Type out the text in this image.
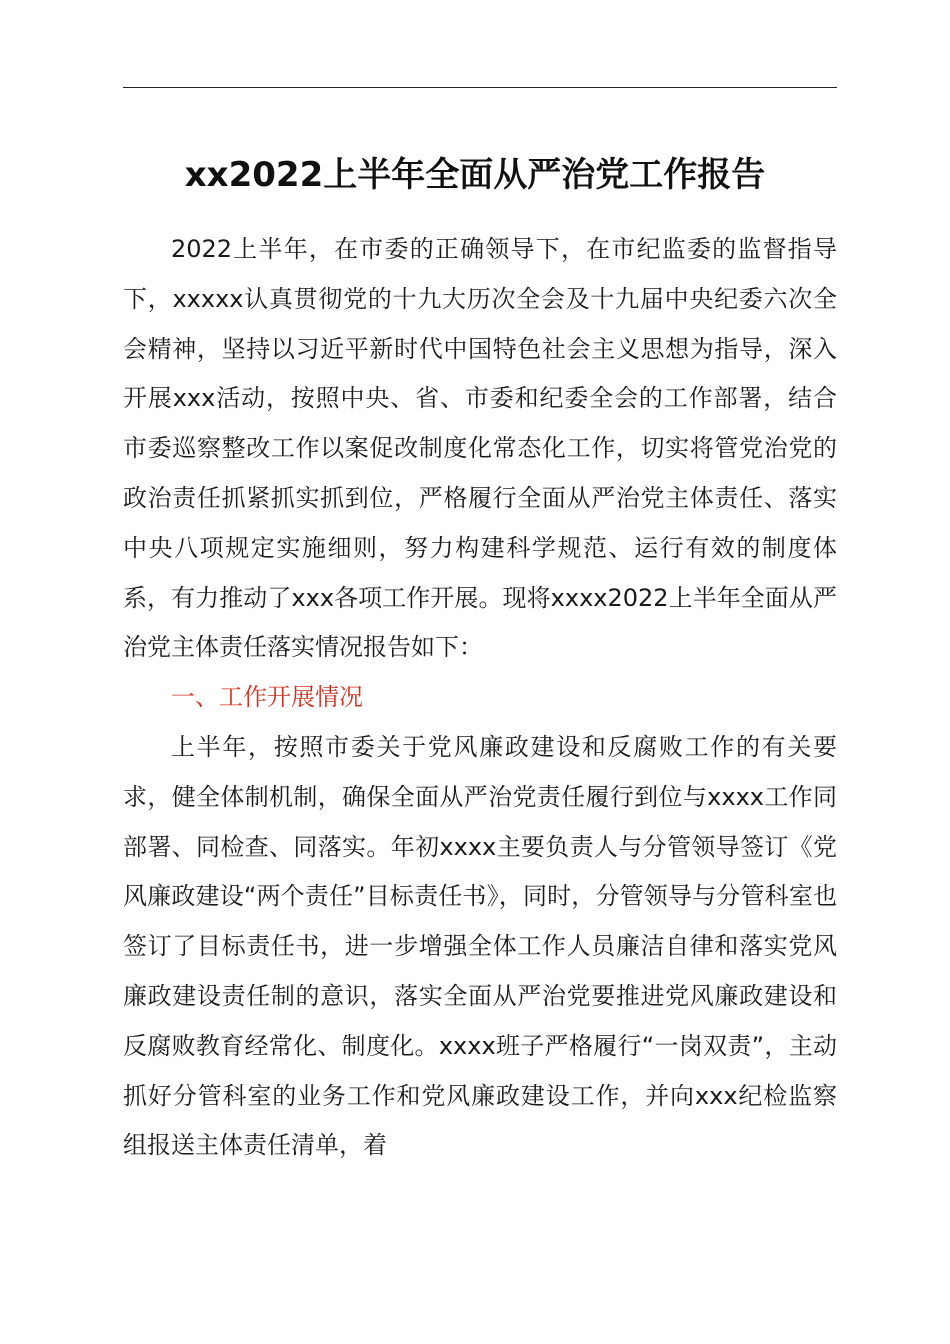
xx2022上半年全面从严治党工作报告

2022上半年，在市委的正确领导下，在市纪监委的监督指导下，xxxxx认真贯彻党的十九大历次全会及十九届中央纪委六次全会精神，坚持以习近平新时代中国特色社会主义思想为指导，深入开展xxx活动，按照中央、省、市委和纪委全会的工作部署，结合市委巡察整改工作以案促改制度化常态化工作，切实将管党治党的政治责任抓紧抓实抓到位，严格履行全面从严治党主体责任、落实中央八项规定实施细则，努力构建科学规范、运行有效的制度体系，有力推动了xxx各项工作开展。现将xxxx2022上半年全面从严治党主体责任落实情况报告如下：

一、工作开展情况

上半年，按照市委关于党风廉政建设和反腐败工作的有关要求，健全体制机制，确保全面从严治党责任履行到位与xxxx工作同部署、同检查、同落实。年初xxxx主要负责人与分管领导签订《党风廉政建设“两个责任”目标责任书》，同时，分管领导与分管科室也签订了目标责任书，进一步增强全体工作人员廉洁自律和落实党风廉政建设责任制的意识，落实全面从严治党要推进党风廉政建设和反腐败教育经常化、制度化。xxxx班子严格履行“一岗双责”，主动抓好分管科室的业务工作和党风廉政建设工作，并向xxx纪检监察组报送主体责任清单，着
